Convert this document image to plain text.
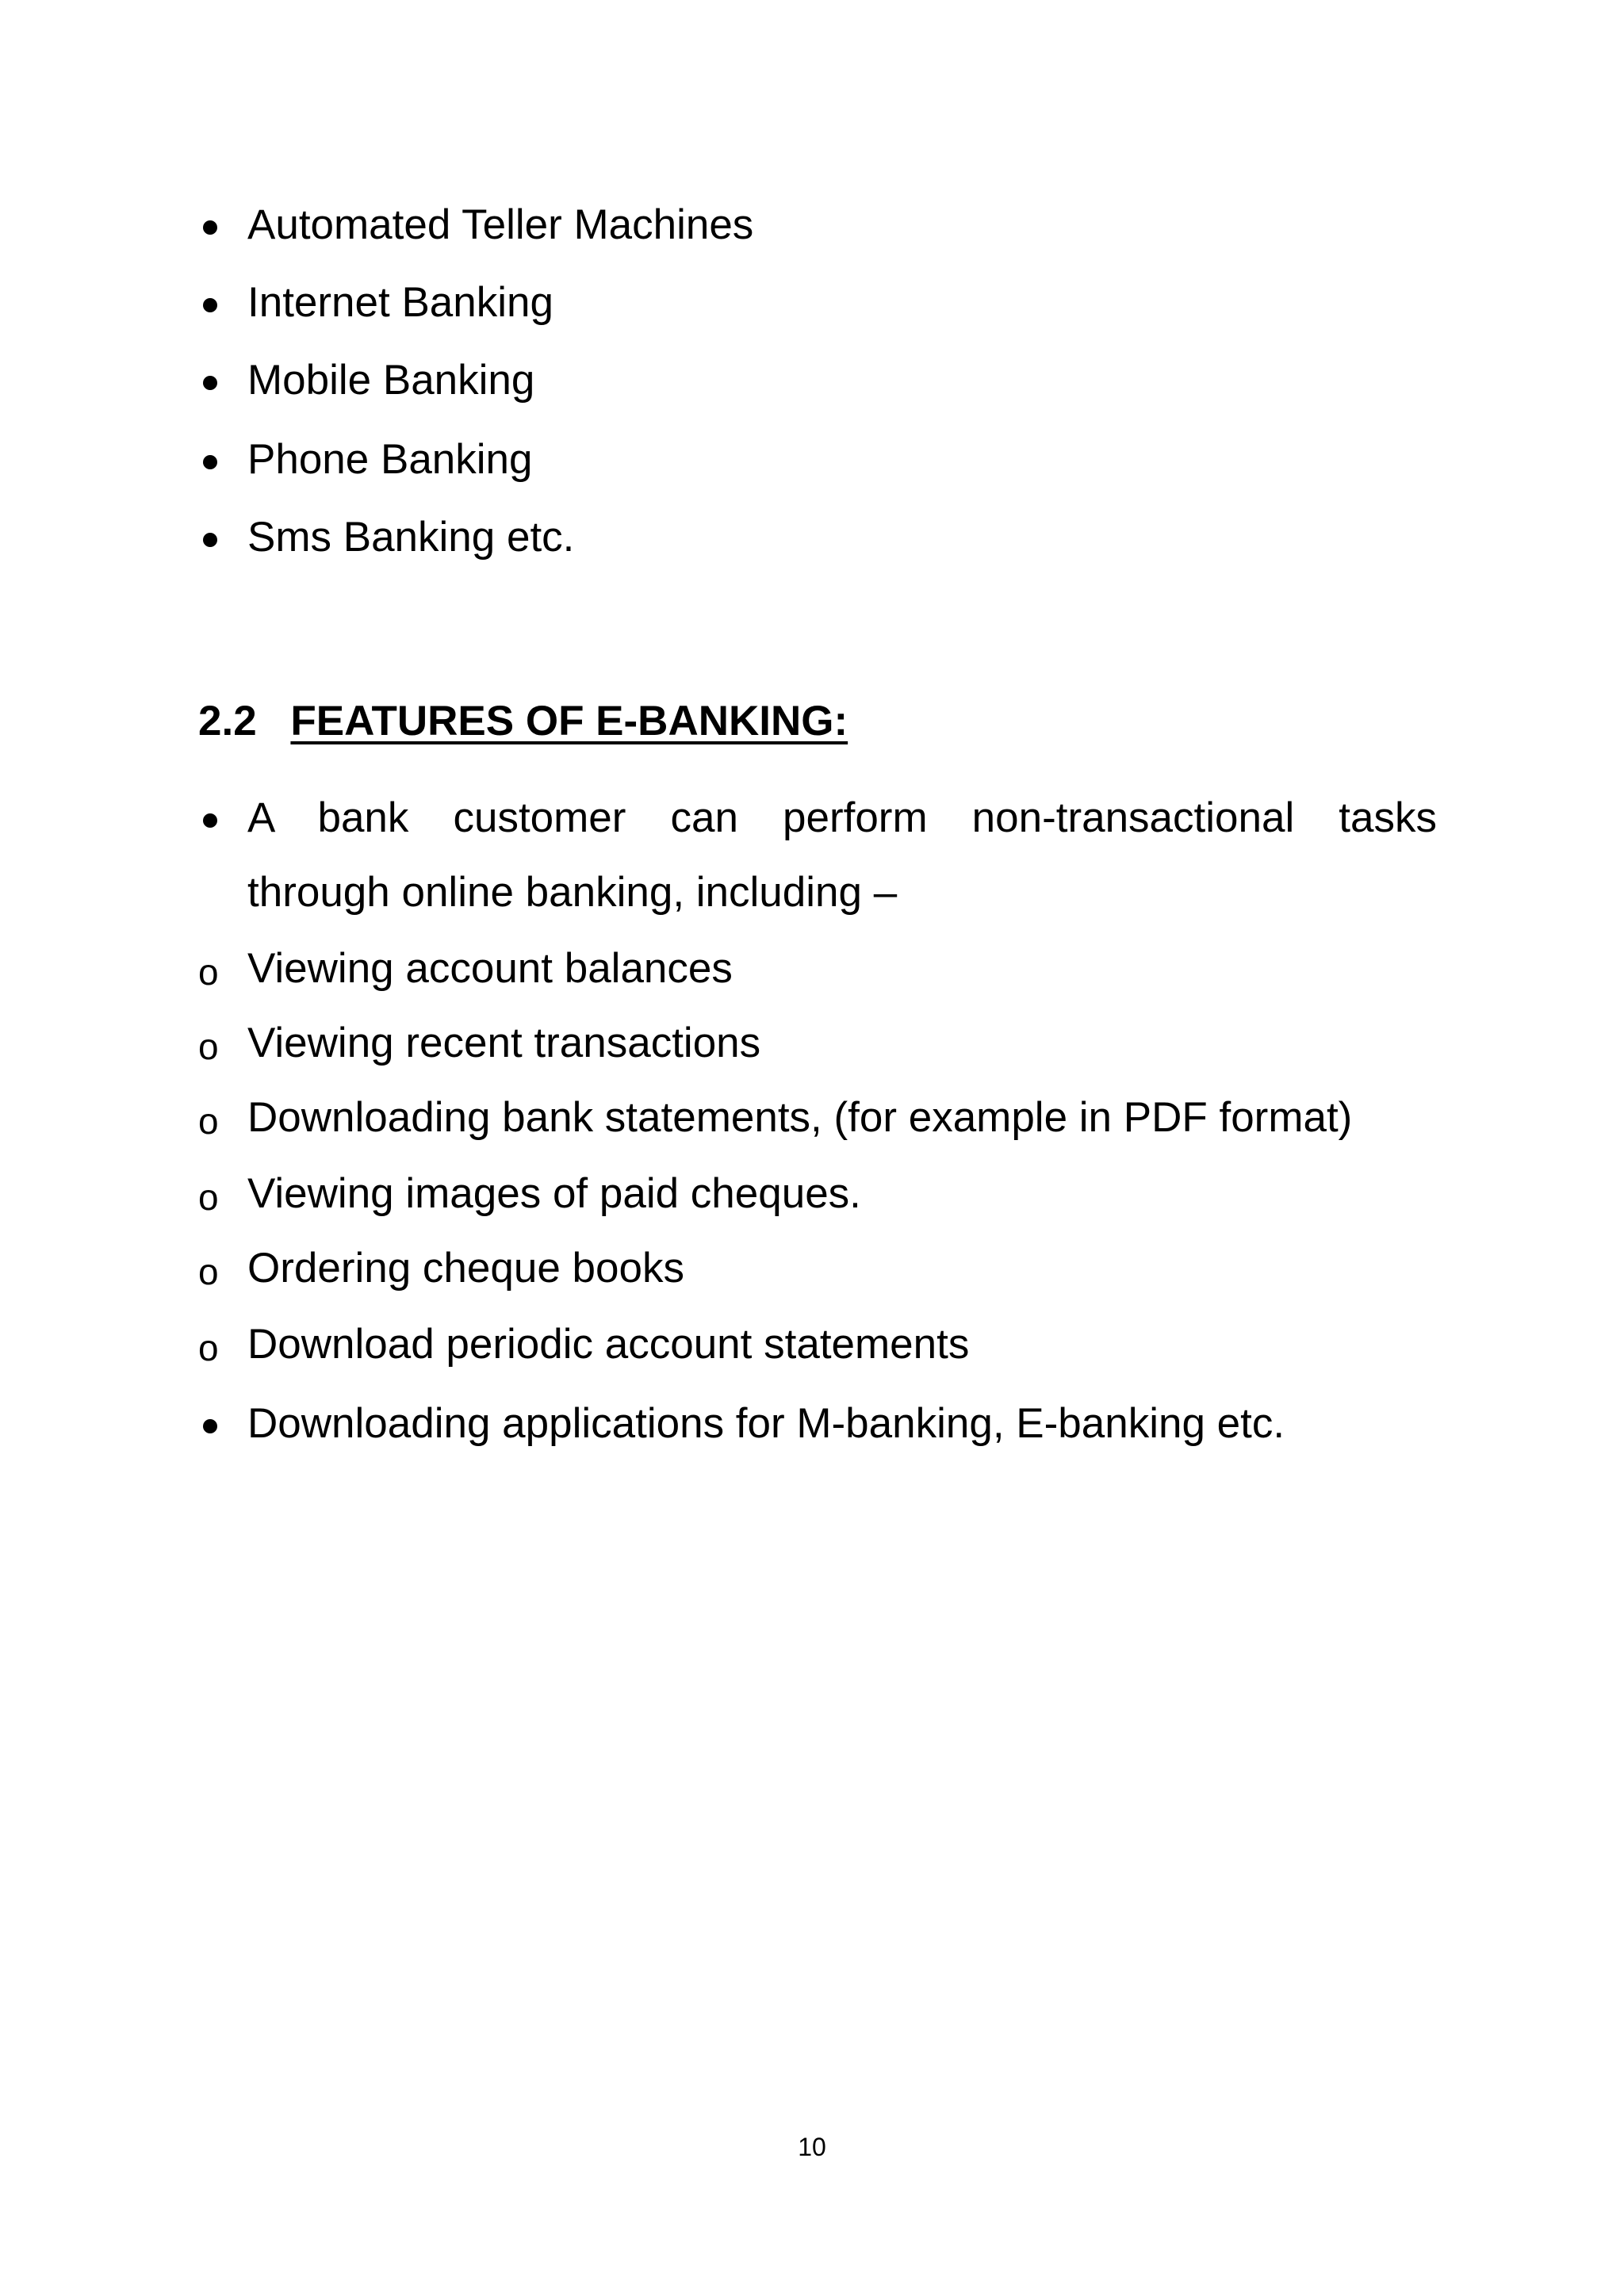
Automated Teller Machines
Internet Banking
Mobile Banking
Phone Banking
Sms Banking etc.
2.2 FEATURES OF E-BANKING:
A bank customer can perform non-transactional tasks
through online banking, including –
o Viewing account balances
o Viewing recent transactions
o Downloading bank statements, (for example in PDF format)
o Viewing images of paid cheques.
o Ordering cheque books
o Download periodic account statements
Downloading applications for M-banking, E-banking etc.
10
